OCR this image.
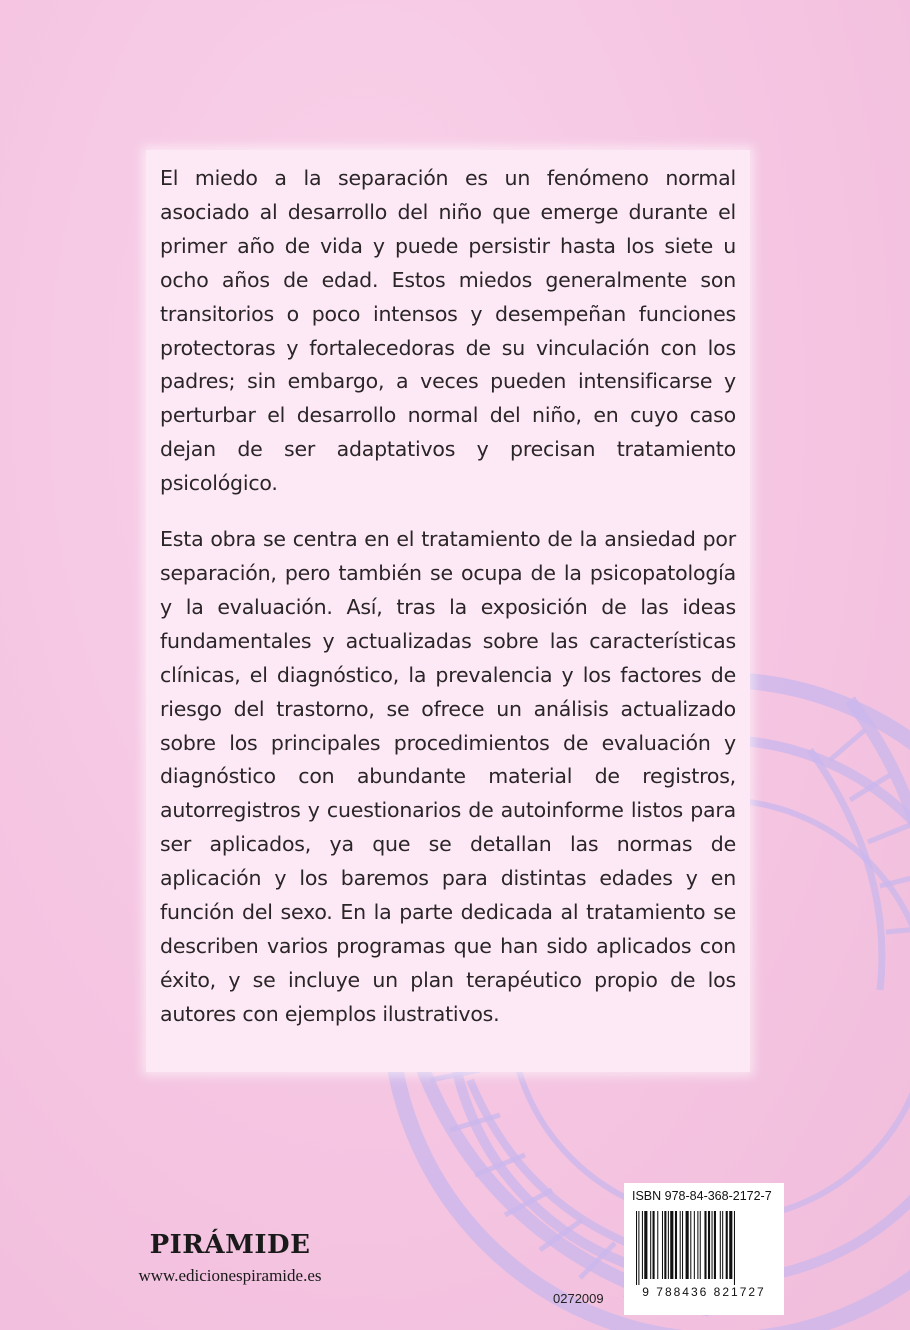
El miedo a la separación es un fenómeno normal asociado al desarrollo del niño que emerge durante el primer año de vida y puede persistir hasta los siete u ocho años de edad. Estos miedos generalmente son transitorios o poco intensos y desempeñan funciones protectoras y fortalecedoras de su vinculación con los padres; sin embargo, a veces pueden intensificarse y perturbar el desarrollo normal del niño, en cuyo caso dejan de ser adaptativos y precisan tratamiento psicológico.

Esta obra se centra en el tratamiento de la ansiedad por separación, pero también se ocupa de la psicopatología y la evaluación. Así, tras la exposición de las ideas fundamentales y actualizadas sobre las características clínicas, el diagnóstico, la prevalencia y los factores de riesgo del trastorno, se ofrece un análisis actualizado sobre los principales procedimientos de evaluación y diagnóstico con abundante material de registros, autorregistros y cuestionarios de autoinforme listos para ser aplicados, ya que se detallan las normas de aplicación y los baremos para distintas edades y en función del sexo. En la parte dedicada al tratamiento se describen varios programas que han sido aplicados con éxito, y se incluye un plan terapéutico propio de los autores con ejemplos ilustrativos.

PIRÁMIDE
www.edicionespiramide.es
0272009
ISBN 978-84-368-2172-7
9 788436 821727
